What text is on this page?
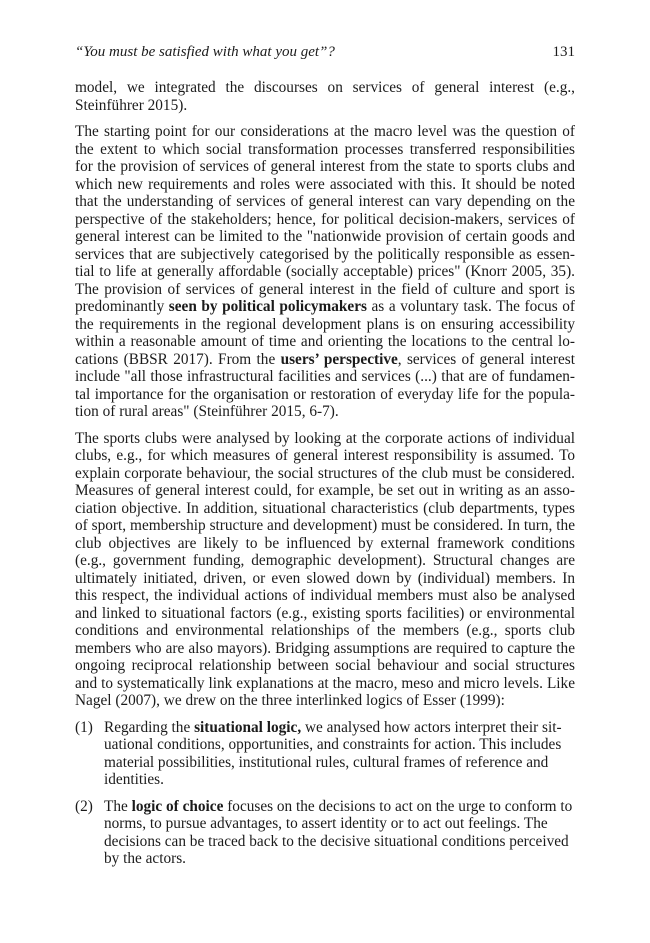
“You must be satisfied with what you get”?	131

model, we integrated the discourses on services of general interest (e.g., Steinführer 2015).

The starting point for our considerations at the macro level was the question of the extent to which social transformation processes transferred responsibilities for the provision of services of general interest from the state to sports clubs and which new requirements and roles were associated with this. It should be noted that the understanding of services of general interest can vary depending on the perspective of the stakeholders; hence, for political decision-makers, services of general interest can be limited to the "nationwide provision of certain goods and services that are subjectively categorised by the politically responsible as essential to life at generally affordable (socially acceptable) prices" (Knorr 2005, 35). The provision of services of general interest in the field of culture and sport is predominantly seen by political policymakers as a voluntary task. The focus of the requirements in the regional development plans is on ensuring accessibility within a reasonable amount of time and orienting the locations to the central locations (BBSR 2017). From the users’ perspective, services of general interest include "all those infrastructural facilities and services (...) that are of fundamental importance for the organisation or restoration of everyday life for the population of rural areas" (Steinführer 2015, 6-7).

The sports clubs were analysed by looking at the corporate actions of individual clubs, e.g., for which measures of general interest responsibility is assumed. To explain corporate behaviour, the social structures of the club must be considered. Measures of general interest could, for example, be set out in writing as an association objective. In addition, situational characteristics (club departments, types of sport, membership structure and development) must be considered. In turn, the club objectives are likely to be influenced by external framework conditions (e.g., government funding, demographic development). Structural changes are ultimately initiated, driven, or even slowed down by (individual) members. In this respect, the individual actions of individual members must also be analysed and linked to situational factors (e.g., existing sports facilities) or environmental conditions and environmental relationships of the members (e.g., sports club members who are also mayors). Bridging assumptions are required to capture the ongoing reciprocal relationship between social behaviour and social structures and to systematically link explanations at the macro, meso and micro levels. Like Nagel (2007), we drew on the three interlinked logics of Esser (1999):

(1) Regarding the situational logic, we analysed how actors interpret their situational conditions, opportunities, and constraints for action. This includes material possibilities, institutional rules, cultural frames of reference and identities.
(2) The logic of choice focuses on the decisions to act on the urge to conform to norms, to pursue advantages, to assert identity or to act out feelings. The decisions can be traced back to the decisive situational conditions perceived by the actors.
